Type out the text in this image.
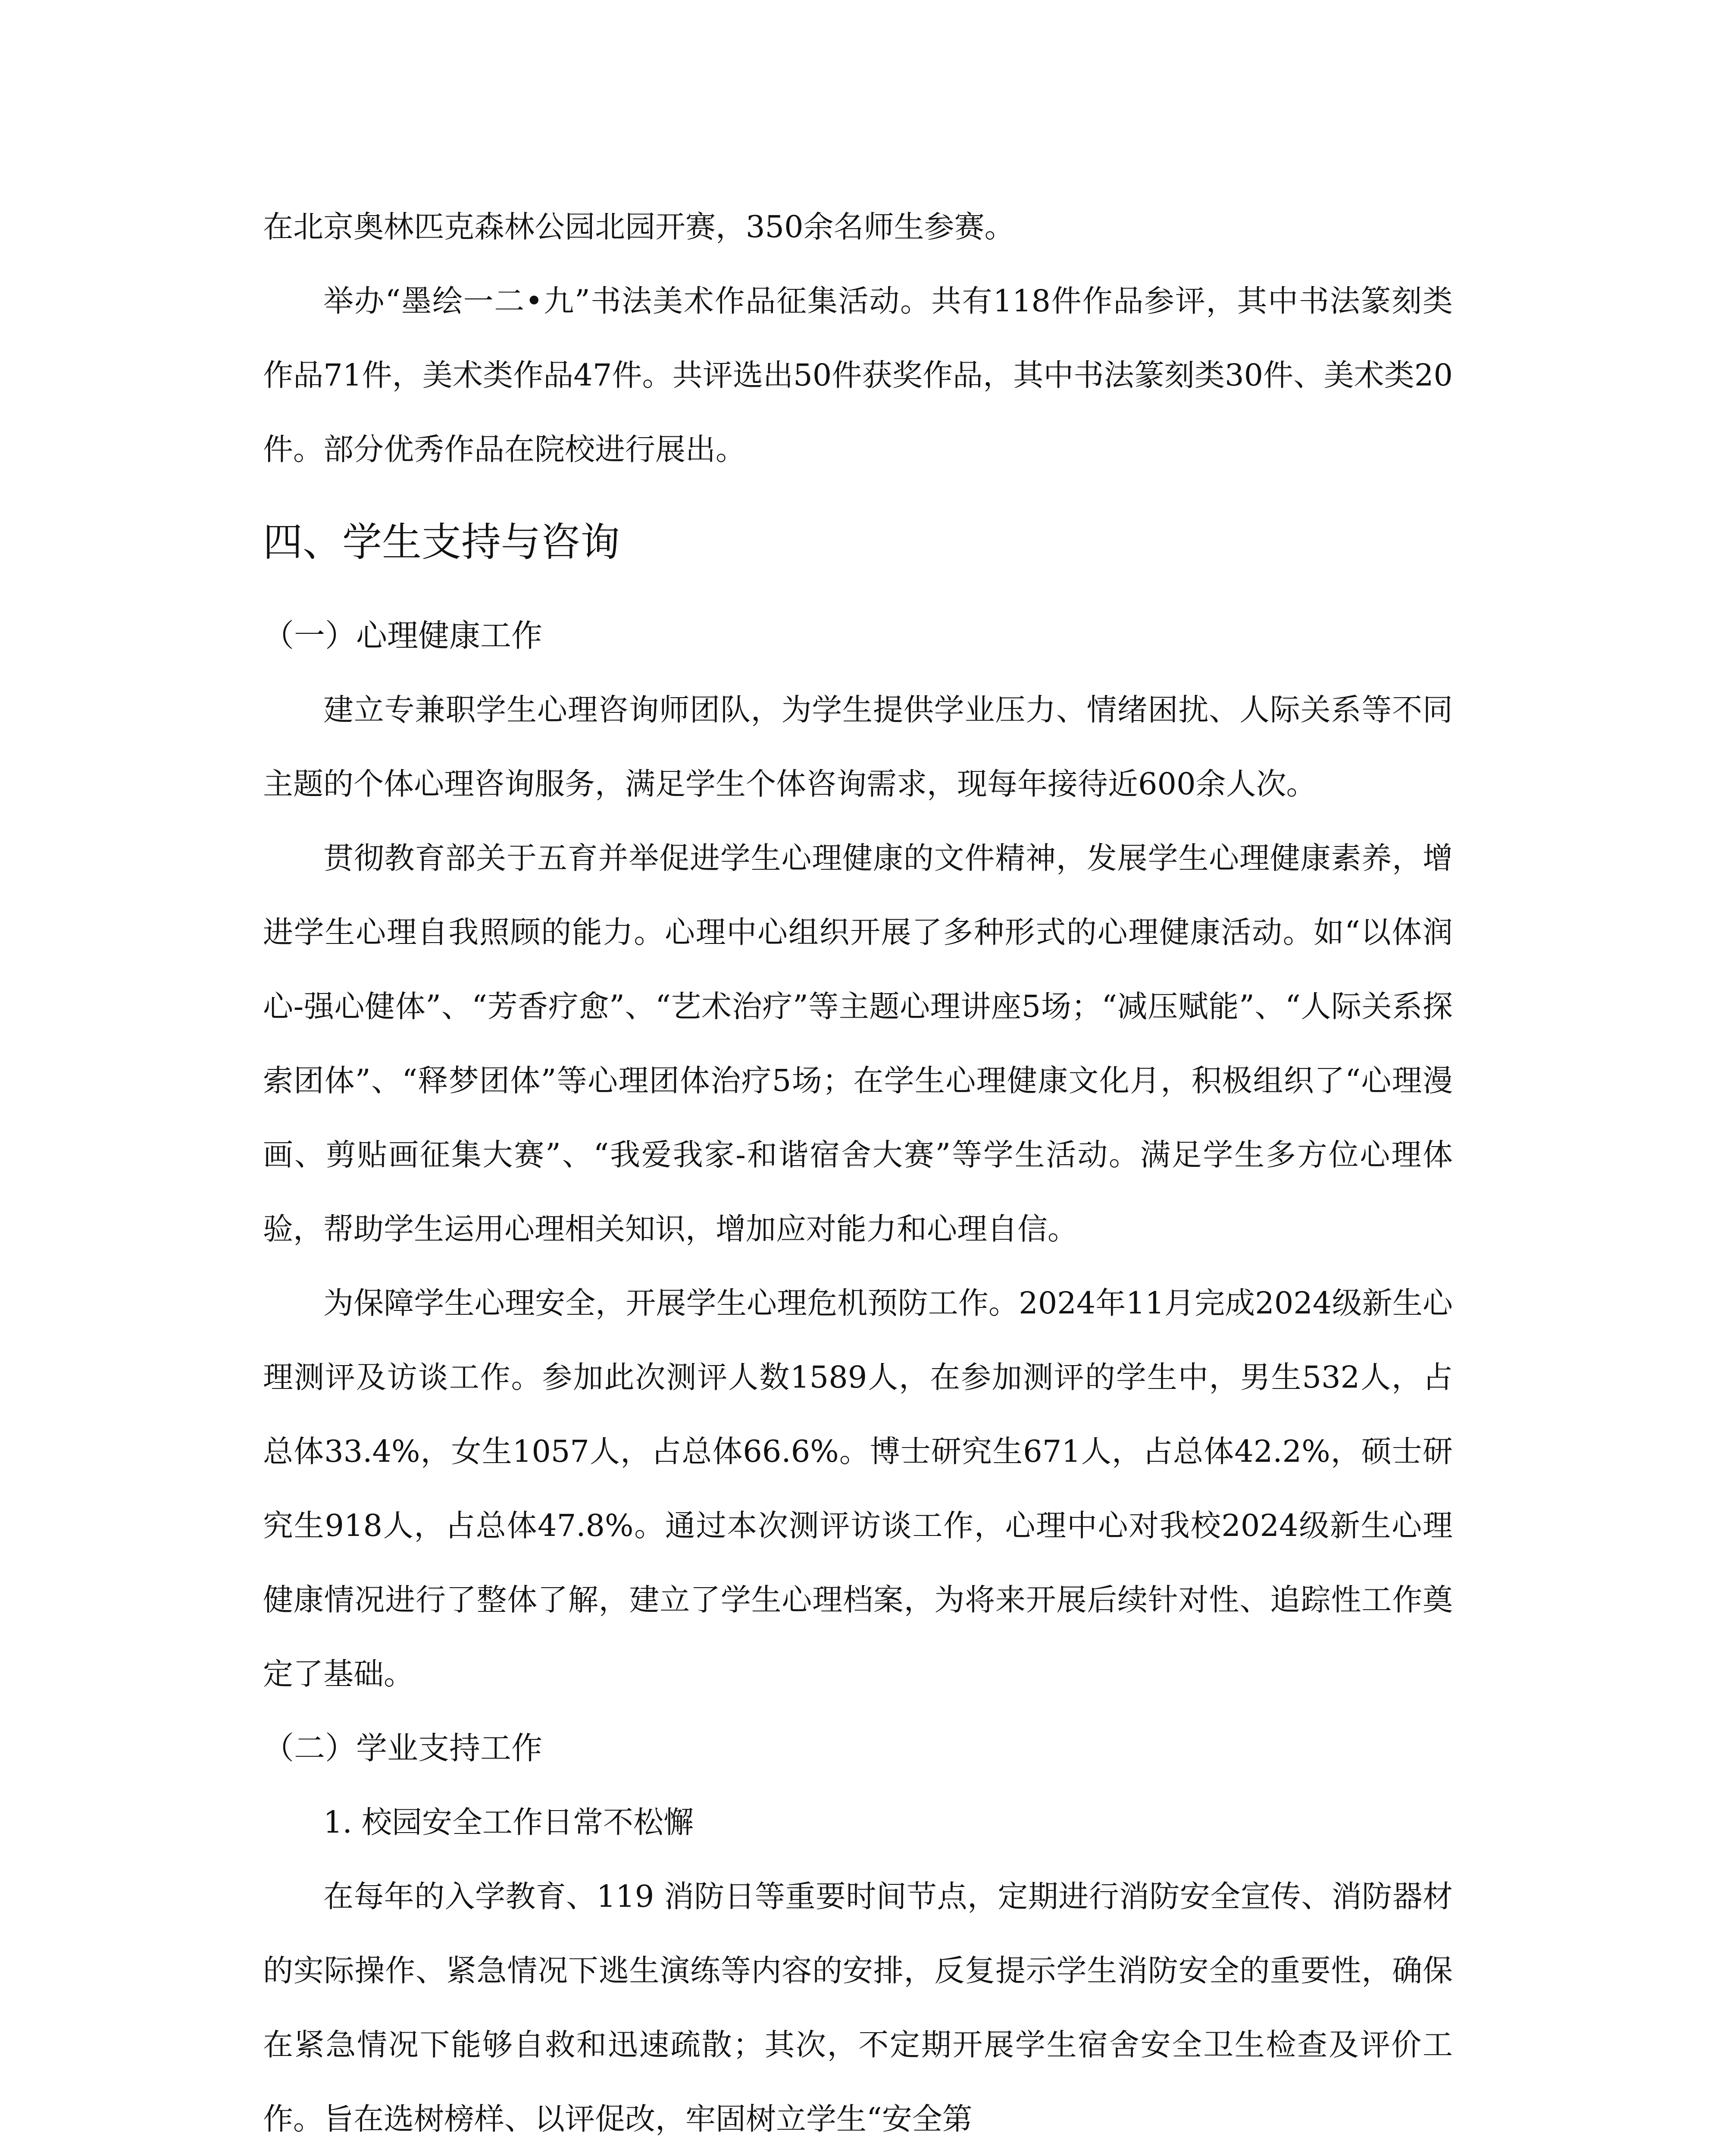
在北京奥林匹克森林公园北园开赛，350余名师生参赛。

举办“墨绘一二•九”书法美术作品征集活动。共有118件作品参评，其中书法篆刻类作品71件，美术类作品47件。共评选出50件获奖作品，其中书法篆刻类30件、美术类20件。部分优秀作品在院校进行展出。

四、学生支持与咨询
（一）心理健康工作

建立专兼职学生心理咨询师团队，为学生提供学业压力、情绪困扰、人际关系等不同主题的个体心理咨询服务，满足学生个体咨询需求，现每年接待近600余人次。

贯彻教育部关于五育并举促进学生心理健康的文件精神，发展学生心理健康素养，增进学生心理自我照顾的能力。心理中心组织开展了多种形式的心理健康活动。如“以体润心-强心健体”、“芳香疗愈”、“艺术治疗”等主题心理讲座5场；“减压赋能”、“人际关系探索团体”、“释梦团体”等心理团体治疗5场；在学生心理健康文化月，积极组织了“心理漫画、剪贴画征集大赛”、“我爱我家-和谐宿舍大赛”等学生活动。满足学生多方位心理体验，帮助学生运用心理相关知识，增加应对能力和心理自信。

为保障学生心理安全，开展学生心理危机预防工作。2024年11月完成2024级新生心理测评及访谈工作。参加此次测评人数1589人，在参加测评的学生中，男生532人，占总体33.4%，女生1057人，占总体66.6%。博士研究生671人，占总体42.2%，硕士研究生918人，占总体47.8%。通过本次测评访谈工作，心理中心对我校2024级新生心理健康情况进行了整体了解，建立了学生心理档案，为将来开展后续针对性、追踪性工作奠定了基础。

（二）学业支持工作

1. 校园安全工作日常不松懈

在每年的入学教育、119 消防日等重要时间节点，定期进行消防安全宣传、消防器材的实际操作、紧急情况下逃生演练等内容的安排，反复提示学生消防安全的重要性，确保在紧急情况下能够自救和迅速疏散；其次，不定期开展学生宿舍安全卫生检查及评价工作。旨在选树榜样、以评促改，牢固树立学生“安全第
